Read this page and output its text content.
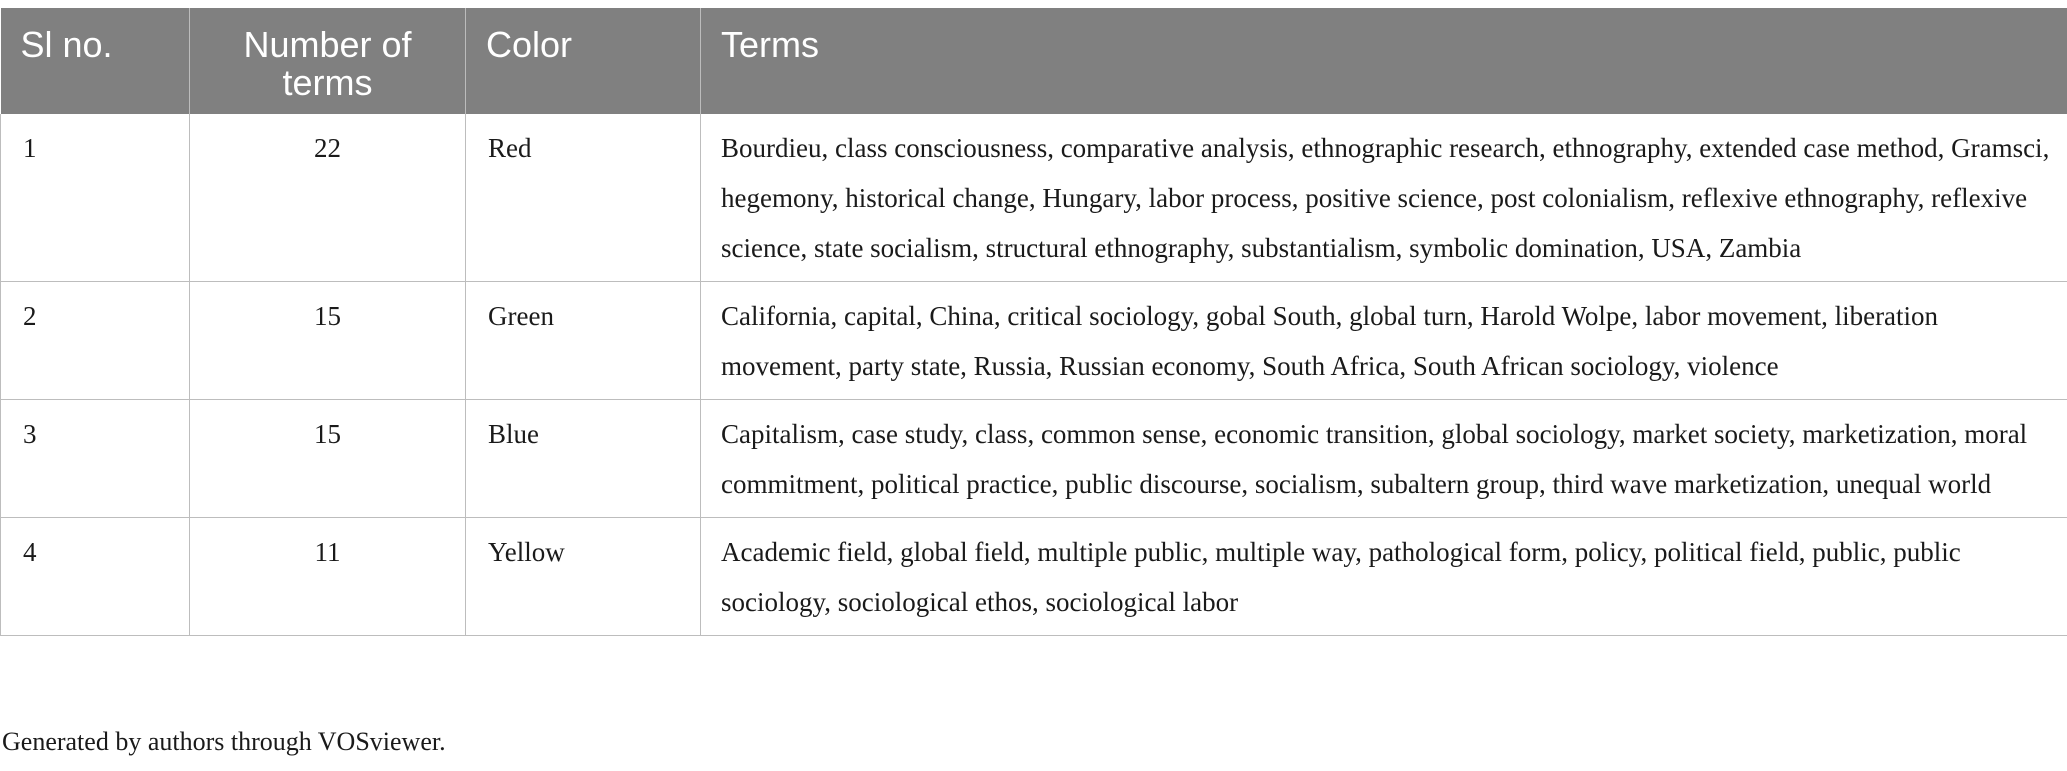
Sl no.	Number of terms	Color	Terms
1	22	Red	Bourdieu, class consciousness, comparative analysis, ethnographic research, ethnography, extended case method, Gramsci, hegemony, historical change, Hungary, labor process, positive science, post colonialism, reflexive ethnography, reflexive science, state socialism, structural ethnography, substantialism, symbolic domination, USA, Zambia
2	15	Green	California, capital, China, critical sociology, gobal South, global turn, Harold Wolpe, labor movement, liberation movement, party state, Russia, Russian economy, South Africa, South African sociology, violence
3	15	Blue	Capitalism, case study, class, common sense, economic transition, global sociology, market society, marketization, moral commitment, political practice, public discourse, socialism, subaltern group, third wave marketization, unequal world
4	11	Yellow	Academic field, global field, multiple public, multiple way, pathological form, policy, political field, public, public sociology, sociological ethos, sociological labor
Generated by authors through VOSviewer.
